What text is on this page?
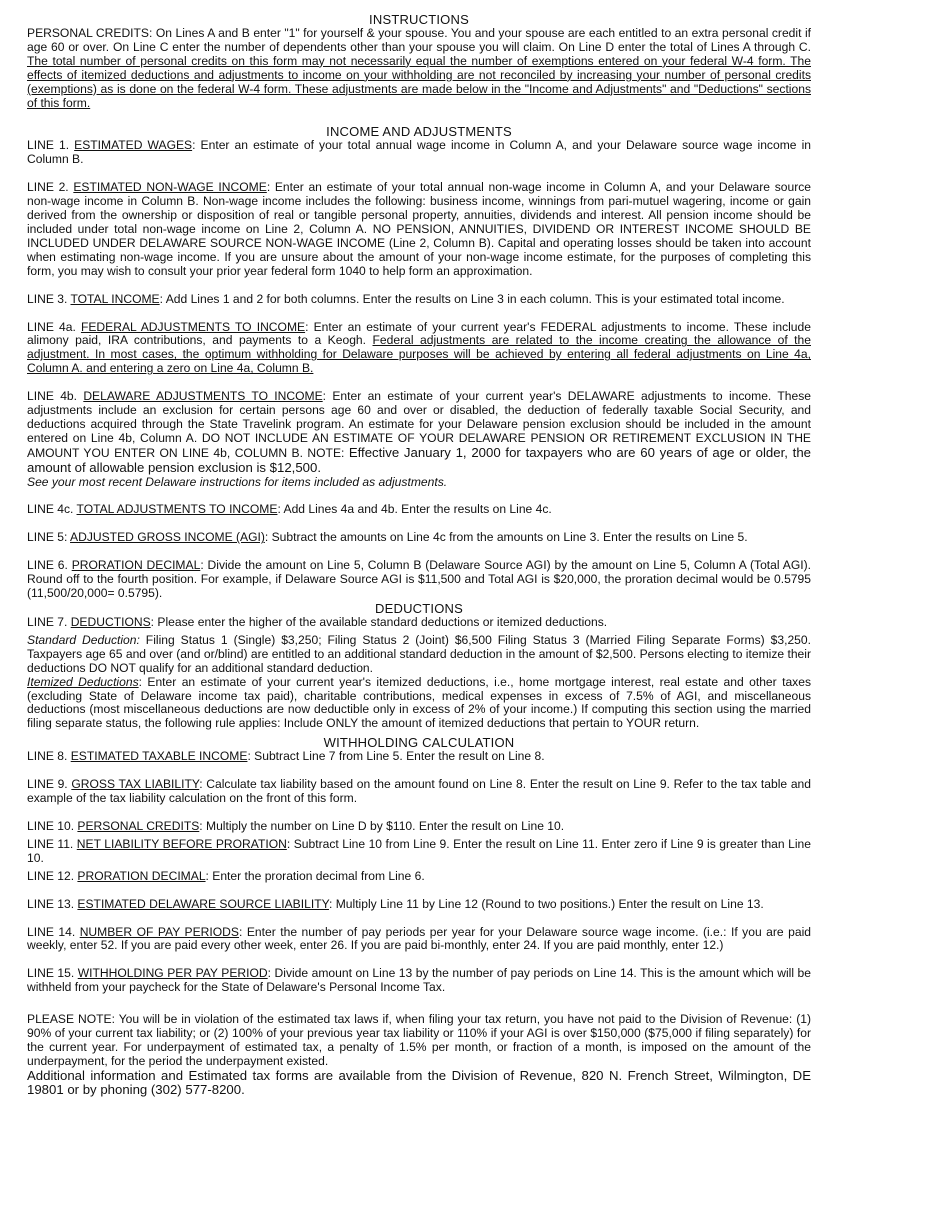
INSTRUCTIONS

PERSONAL CREDITS: On Lines A and B enter "1" for yourself & your spouse. You and your spouse are each entitled to an extra personal credit if age 60 or over. On Line C enter the number of dependents other than your spouse you will claim. On Line D enter the total of Lines A through C. The total number of personal credits on this form may not necessarily equal the number of exemptions entered on your federal W-4 form. The effects of itemized deductions and adjustments to income on your withholding are not reconciled by increasing your number of personal credits (exemptions) as is done on the federal W-4 form. These adjustments are made below in the "Income and Adjustments" and "Deductions" sections of this form.

INCOME AND ADJUSTMENTS

LINE 1. ESTIMATED WAGES: Enter an estimate of your total annual wage income in Column A, and your Delaware source wage income in Column B.

LINE 2. ESTIMATED NON-WAGE INCOME: Enter an estimate of your total annual non-wage income in Column A, and your Delaware source non-wage income in Column B. Non-wage income includes the following: business income, winnings from pari-mutuel wagering, income or gain derived from the ownership or disposition of real or tangible personal property, annuities, dividends and interest. All pension income should be included under total non-wage income on Line 2, Column A. NO PENSION, ANNUITIES, DIVIDEND OR INTEREST INCOME SHOULD BE INCLUDED UNDER DELAWARE SOURCE NON-WAGE INCOME (Line 2, Column B). Capital and operating losses should be taken into account when estimating non-wage income. If you are unsure about the amount of your non-wage income estimate, for the purposes of completing this form, you may wish to consult your prior year federal form 1040 to help form an approximation.

LINE 3. TOTAL INCOME: Add Lines 1 and 2 for both columns. Enter the results on Line 3 in each column. This is your estimated total income.

LINE 4a. FEDERAL ADJUSTMENTS TO INCOME: Enter an estimate of your current year's FEDERAL adjustments to income. These include alimony paid, IRA contributions, and payments to a Keogh. Federal adjustments are related to the income creating the allowance of the adjustment. In most cases, the optimum withholding for Delaware purposes will be achieved by entering all federal adjustments on Line 4a, Column A. and entering a zero on Line 4a, Column B.

LINE 4b. DELAWARE ADJUSTMENTS TO INCOME: Enter an estimate of your current year's DELAWARE adjustments to income. These adjustments include an exclusion for certain persons age 60 and over or disabled, the deduction of federally taxable Social Security, and deductions acquired through the State Travelink program. An estimate for your Delaware pension exclusion should be included in the amount entered on Line 4b, Column A. DO NOT INCLUDE AN ESTIMATE OF YOUR DELAWARE PENSION OR RETIREMENT EXCLUSION IN THE AMOUNT YOU ENTER ON LINE 4b, COLUMN B. NOTE: Effective January 1, 2000 for taxpayers who are 60 years of age or older, the amount of allowable pension exclusion is $12,500.
See your most recent Delaware instructions for items included as adjustments.

LINE 4c. TOTAL ADJUSTMENTS TO INCOME: Add Lines 4a and 4b. Enter the results on Line 4c.

LINE 5: ADJUSTED GROSS INCOME (AGI): Subtract the amounts on Line 4c from the amounts on Line 3. Enter the results on Line 5.

LINE 6. PRORATION DECIMAL: Divide the amount on Line 5, Column B (Delaware Source AGI) by the amount on Line 5, Column A (Total AGI). Round off to the fourth position. For example, if Delaware Source AGI is $11,500 and Total AGI is $20,000, the proration decimal would be 0.5795 (11,500/20,000= 0.5795).

DEDUCTIONS

LINE 7. DEDUCTIONS: Please enter the higher of the available standard deductions or itemized deductions.

Standard Deduction: Filing Status 1 (Single) $3,250; Filing Status 2 (Joint) $6,500 Filing Status 3 (Married Filing Separate Forms) $3,250. Taxpayers age 65 and over (and or/blind) are entitled to an additional standard deduction in the amount of $2,500. Persons electing to itemize their deductions DO NOT qualify for an additional standard deduction.

Itemized Deductions: Enter an estimate of your current year's itemized deductions, i.e., home mortgage interest, real estate and other taxes (excluding State of Delaware income tax paid), charitable contributions, medical expenses in excess of 7.5% of AGI, and miscellaneous deductions (most miscellaneous deductions are now deductible only in excess of 2% of your income.) If computing this section using the married filing separate status, the following rule applies: Include ONLY the amount of itemized deductions that pertain to YOUR return.

WITHHOLDING CALCULATION

LINE 8. ESTIMATED TAXABLE INCOME: Subtract Line 7 from Line 5. Enter the result on Line 8.

LINE 9. GROSS TAX LIABILITY: Calculate tax liability based on the amount found on Line 8. Enter the result on Line 9. Refer to the tax table and example of the tax liability calculation on the front of this form.

LINE 10. PERSONAL CREDITS: Multiply the number on Line D by $110. Enter the result on Line 10.

LINE 11. NET LIABILITY BEFORE PRORATION: Subtract Line 10 from Line 9. Enter the result on Line 11. Enter zero if Line 9 is greater than Line 10.

LINE 12. PRORATION DECIMAL: Enter the proration decimal from Line 6.

LINE 13. ESTIMATED DELAWARE SOURCE LIABILITY: Multiply Line 11 by Line 12 (Round to two positions.) Enter the result on Line 13.

LINE 14. NUMBER OF PAY PERIODS: Enter the number of pay periods per year for your Delaware source wage income. (i.e.: If you are paid weekly, enter 52. If you are paid every other week, enter 26. If you are paid bi-monthly, enter 24. If you are paid monthly, enter 12.)

LINE 15. WITHHOLDING PER PAY PERIOD: Divide amount on Line 13 by the number of pay periods on Line 14. This is the amount which will be withheld from your paycheck for the State of Delaware's Personal Income Tax.

PLEASE NOTE: You will be in violation of the estimated tax laws if, when filing your tax return, you have not paid to the Division of Revenue: (1) 90% of your current tax liability; or (2) 100% of your previous year tax liability or 110% if your AGI is over $150,000 ($75,000 if filing separately) for the current year. For underpayment of estimated tax, a penalty of 1.5% per month, or fraction of a month, is imposed on the amount of the underpayment, for the period the underpayment existed.

Additional information and Estimated tax forms are available from the Division of Revenue, 820 N. French Street, Wilmington, DE 19801 or by phoning (302) 577-8200.
